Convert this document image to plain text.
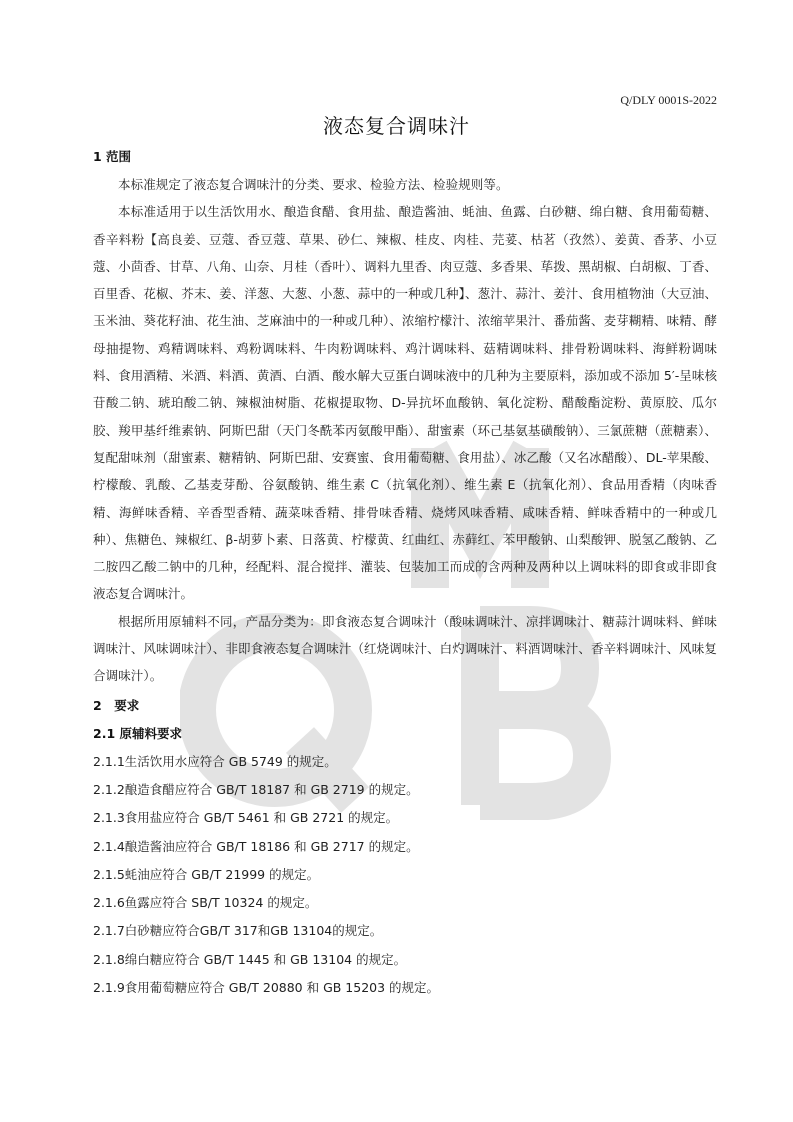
Q/DLY 0001S-2022
液态复合调味汁
1 范围
本标准规定了液态复合调味汁的分类、要求、检验方法、检验规则等。
本标准适用于以生活饮用水、酿造食醋、食用盐、酿造酱油、蚝油、鱼露、白砂糖、绵白糖、食用葡萄糖、香辛料粉【高良姜、豆蔻、香豆蔻、草果、砂仁、辣椒、桂皮、肉桂、芫荽、枯茗（孜然）、姜黄、香茅、小豆蔻、小茴香、甘草、八角、山奈、月桂（香叶）、调料九里香、肉豆蔻、多香果、荜拨、黑胡椒、白胡椒、丁香、百里香、花椒、芥末、姜、洋葱、大葱、小葱、蒜中的一种或几种】、葱汁、蒜汁、姜汁、食用植物油（大豆油、玉米油、葵花籽油、花生油、芝麻油中的一种或几种）、浓缩柠檬汁、浓缩苹果汁、番茄酱、麦芽糊精、味精、酵母抽提物、鸡精调味料、鸡粉调味料、牛肉粉调味料、鸡汁调味料、菇精调味料、排骨粉调味料、海鲜粉调味料、食用酒精、米酒、料酒、黄酒、白酒、酸水解大豆蛋白调味液中的几种为主要原料，添加或不添加 5′-呈味核苷酸二钠、琥珀酸二钠、辣椒油树脂、花椒提取物、D-异抗坏血酸钠、氧化淀粉、醋酸酯淀粉、黄原胶、瓜尔胶、羧甲基纤维素钠、阿斯巴甜（天门冬酰苯丙氨酸甲酯）、甜蜜素（环己基氨基磺酸钠）、三氯蔗糖（蔗糖素）、复配甜味剂（甜蜜素、糖精钠、阿斯巴甜、安赛蜜、食用葡萄糖、食用盐）、冰乙酸（又名冰醋酸）、DL-苹果酸、柠檬酸、乳酸、乙基麦芽酚、谷氨酸钠、维生素 C（抗氧化剂）、维生素 E（抗氧化剂）、食品用香精（肉味香精、海鲜味香精、辛香型香精、蔬菜味香精、排骨味香精、烧烤风味香精、咸味香精、鲜味香精中的一种或几种）、焦糖色、辣椒红、β-胡萝卜素、日落黄、柠檬黄、红曲红、赤藓红、苯甲酸钠、山梨酸钾、脱氢乙酸钠、乙二胺四乙酸二钠中的几种，经配料、混合搅拌、灌装、包装加工而成的含两种及两种以上调味料的即食或非即食液态复合调味汁。
根据所用原辅料不同，产品分类为：即食液态复合调味汁（酸味调味汁、凉拌调味汁、糖蒜汁调味料、鲜味调味汁、风味调味汁）、非即食液态复合调味汁（红烧调味汁、白灼调味汁、料酒调味汁、香辛料调味汁、风味复合调味汁）。
2　要求
2.1 原辅料要求
2.1.1生活饮用水应符合 GB 5749 的规定。
2.1.2酿造食醋应符合 GB/T 18187 和 GB 2719 的规定。
2.1.3食用盐应符合 GB/T 5461 和 GB 2721 的规定。
2.1.4酿造酱油应符合 GB/T 18186 和 GB 2717 的规定。
2.1.5蚝油应符合 GB/T 21999 的规定。
2.1.6鱼露应符合 SB/T 10324 的规定。
2.1.7白砂糖应符合GB/T 317和GB 13104的规定。
2.1.8绵白糖应符合 GB/T 1445 和 GB 13104 的规定。
2.1.9食用葡萄糖应符合 GB/T 20880 和 GB 15203 的规定。
